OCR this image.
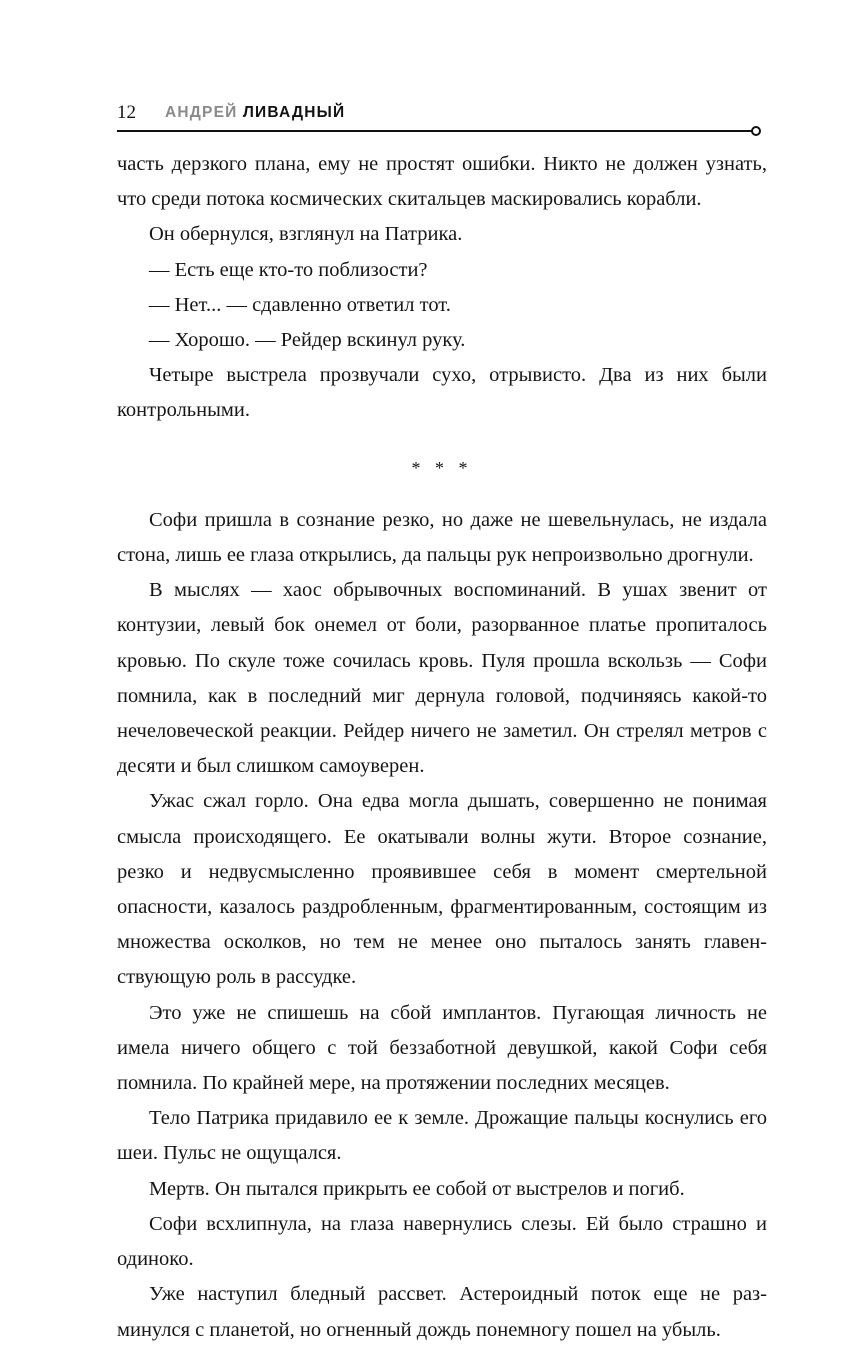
12 АНДРЕЙ ЛИВАДНЫЙ

часть дерзкого плана, ему не простят ошибки. Никто не должен узнать, что среди потока космических скитальцев маскировались корабли.

Он обернулся, взглянул на Патрика.

— Есть еще кто-то поблизости?

— Нет... — сдавленно ответил тот.

— Хорошо. — Рейдер вскинул руку.

Четыре выстрела прозвучали сухо, отрывисто. Два из них были контрольными.

* * *

Софи пришла в сознание резко, но даже не шевельнулась, не издала стона, лишь ее глаза открылись, да пальцы рук непроизвольно дрогнули.

В мыслях — хаос обрывочных воспоминаний. В ушах звенит от контузии, левый бок онемел от боли, разорванное платье пропиталось кровью. По скуле тоже сочилась кровь. Пуля прошла вскользь — Софи помнила, как в последний миг дернула головой, подчиняясь какой-то нечеловеческой реакции. Рейдер ничего не заметил. Он стрелял метров с десяти и был слишком самоуверен.

Ужас сжал горло. Она едва могла дышать, совершенно не понимая смысла происходящего. Ее окатывали волны жути. Второе сознание, резко и недвусмысленно проявившее себя в момент смертельной опасности, казалось раздробленным, фрагментированным, состоящим из множества осколков, но тем не менее оно пыталось занять главенствующую роль в рассудке.

Это уже не спишешь на сбой имплантов. Пугающая личность не имела ничего общего с той беззаботной девушкой, какой Софи себя помнила. По крайней мере, на протяжении последних месяцев.

Тело Патрика придавило ее к земле. Дрожащие пальцы коснулись его шеи. Пульс не ощущался.

Мертв. Он пытался прикрыть ее собой от выстрелов и погиб.

Софи всхлипнула, на глаза навернулись слезы. Ей было страшно и одиноко.

Уже наступил бледный рассвет. Астероидный поток еще не разминулся с планетой, но огненный дождь понемногу пошел на убыль.
